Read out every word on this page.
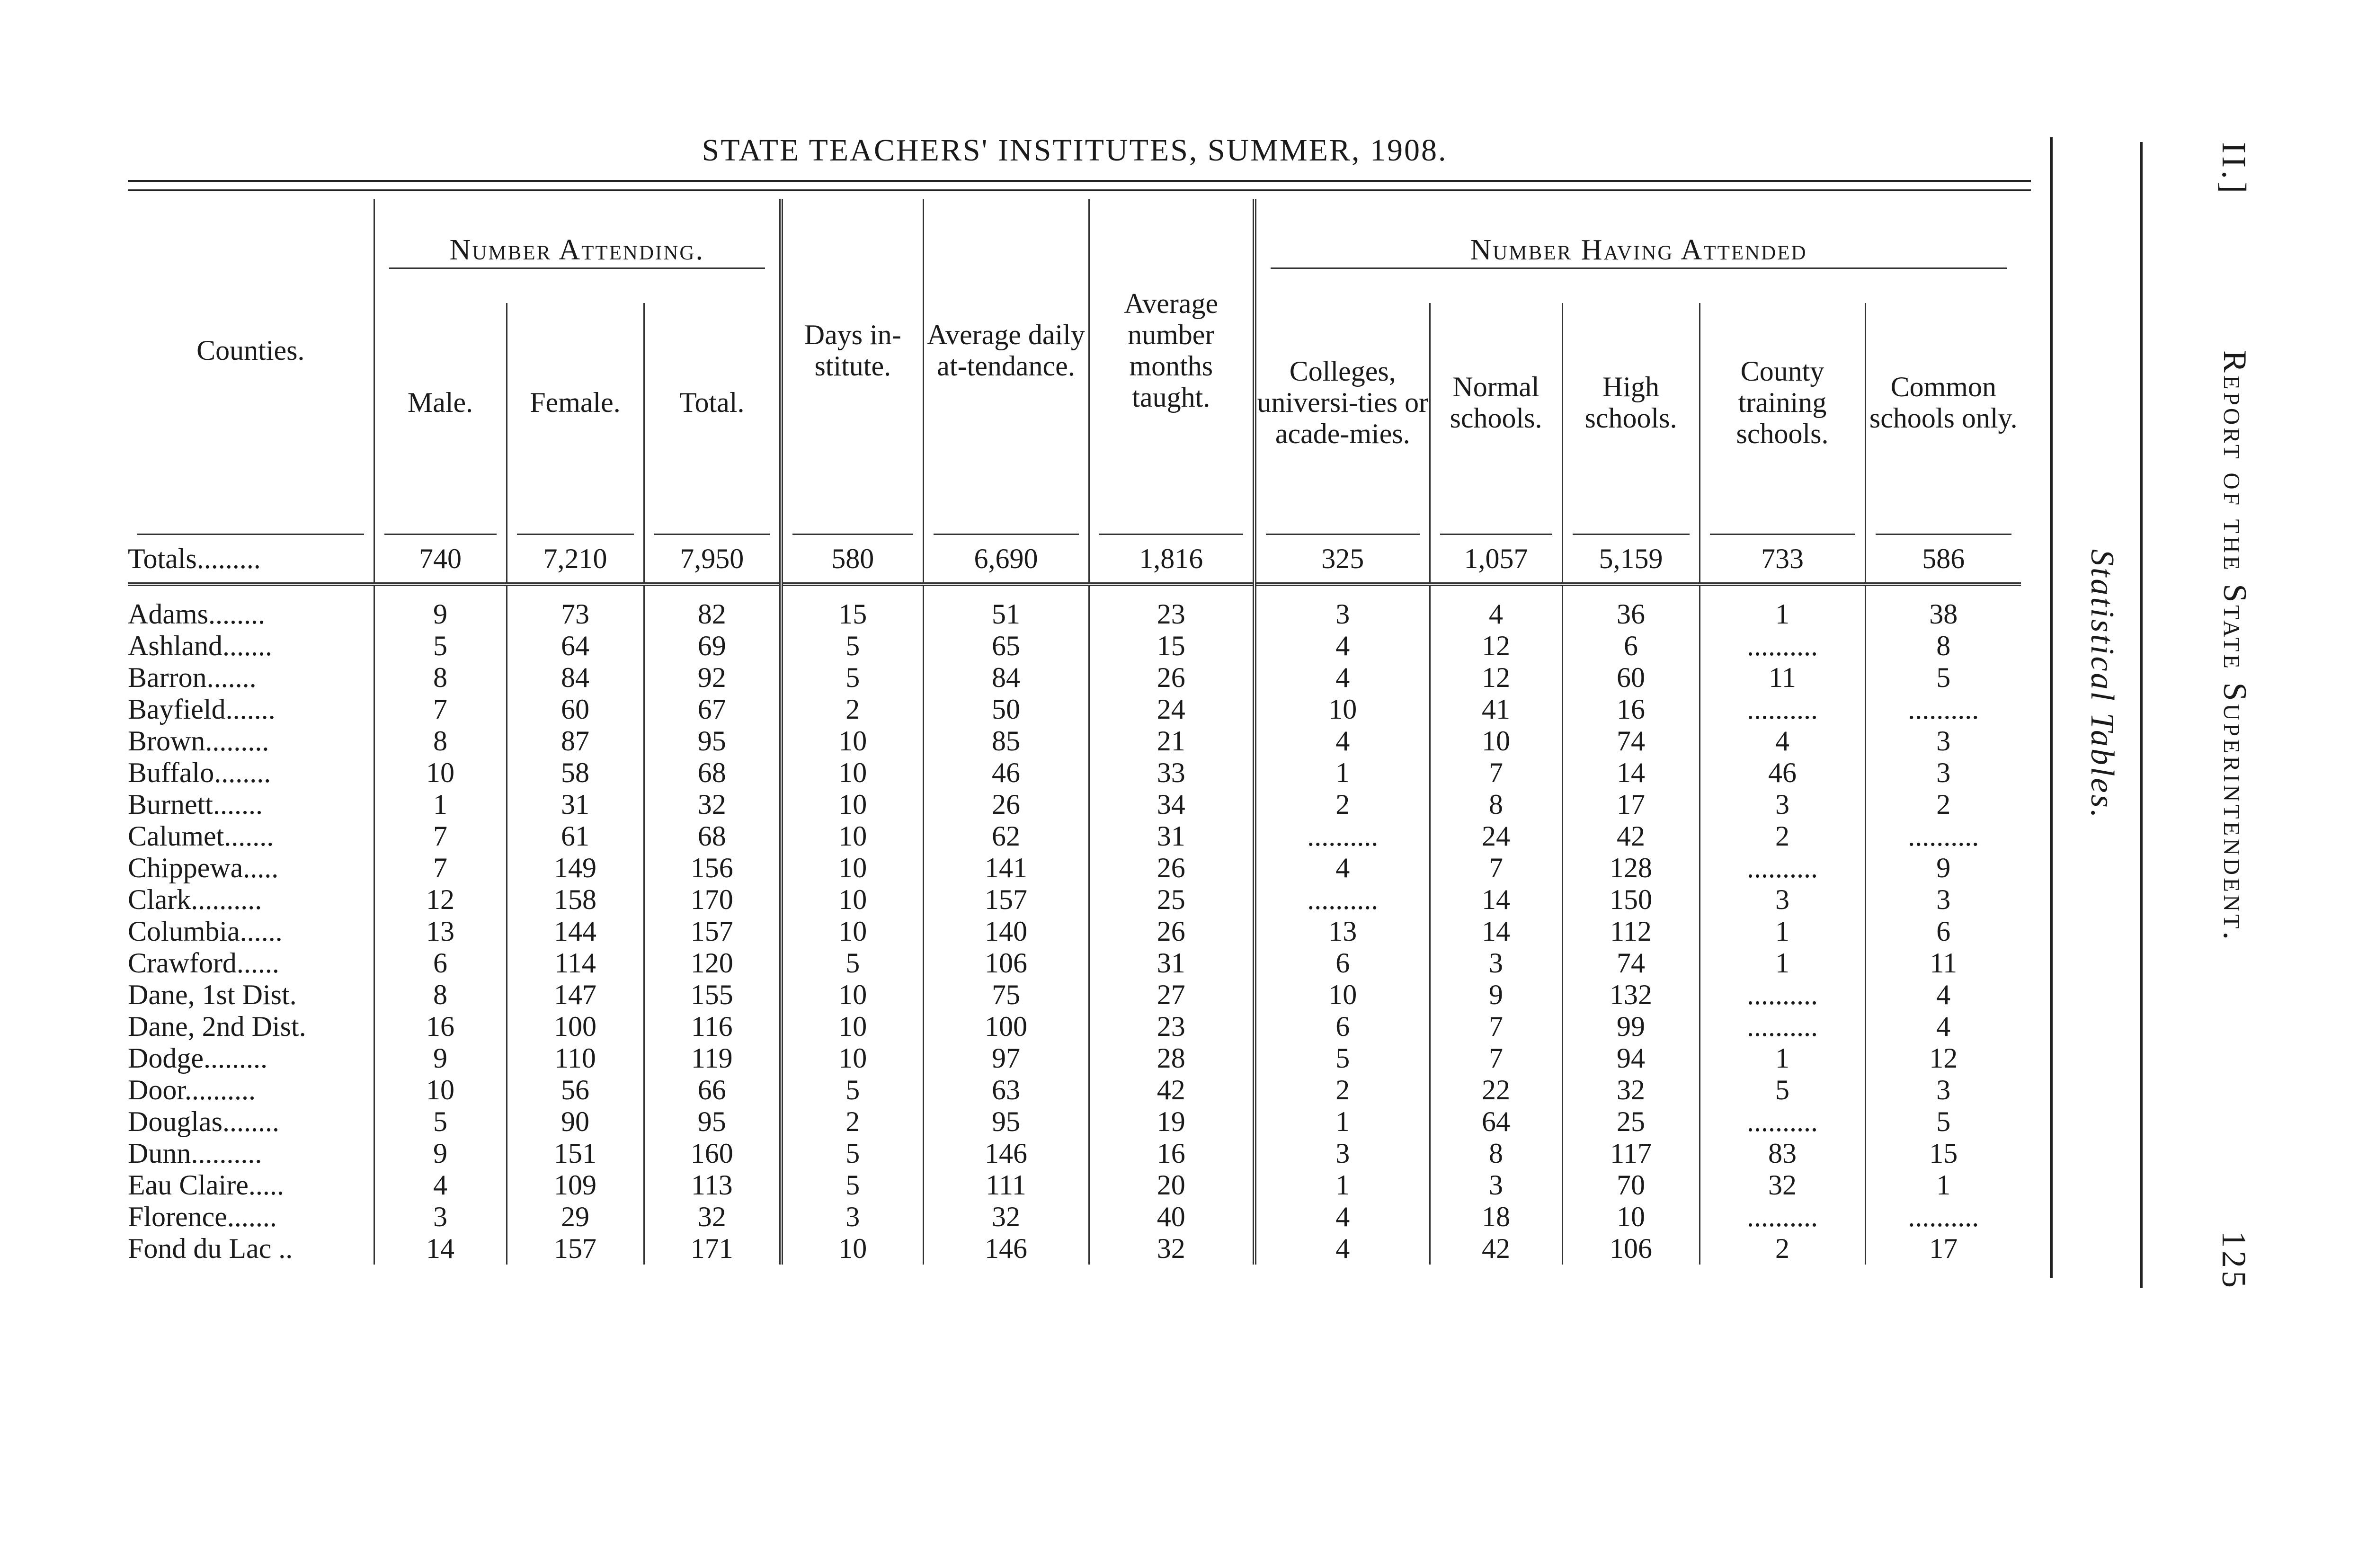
STATE TEACHERS' INSTITUTES, SUMMER, 1908.
Counties.	Number Attending.			Days in-stitute.	Average daily at-tendance.	Average number months taught.	Number Having Attended				

	Male.	Female.	Total.				Colleges, universi-ties or acade-mies.	Normal schools.	High schools.	County training schools.	Common schools only.

Totals.........	740	7,210	7,950	580	6,690	1,816	325	1,057	5,159	733	586

Adams........	9	73	82	15	51	23	3	4	36	1	38
Ashland.......	5	64	69	5	65	15	4	12	6	..........	8
Barron.......	8	84	92	5	84	26	4	12	60	11	5
Bayfield.......	7	60	67	2	50	24	10	41	16	..........	..........
Brown.........	8	87	95	10	85	21	4	10	74	4	3
Buffalo........	10	58	68	10	46	33	1	7	14	46	3
Burnett.......	1	31	32	10	26	34	2	8	17	3	2
Calumet.......	7	61	68	10	62	31	..........	24	42	2	..........
Chippewa.....	7	149	156	10	141	26	4	7	128	..........	9
Clark..........	12	158	170	10	157	25	..........	14	150	3	3
Columbia......	13	144	157	10	140	26	13	14	112	1	6
Crawford......	6	114	120	5	106	31	6	3	74	1	11
Dane, 1st Dist.	8	147	155	10	75	27	10	9	132	..........	4
Dane, 2nd Dist.	16	100	116	10	100	23	6	7	99	..........	4
Dodge.........	9	110	119	10	97	28	5	7	94	1	12
Door..........	10	56	66	5	63	42	2	22	32	5	3
Douglas........	5	90	95	2	95	19	1	64	25	..........	5
Dunn..........	9	151	160	5	146	16	3	8	117	83	15
Eau Claire.....	4	109	113	5	111	20	1	3	70	32	1
Florence.......	3	29	32	3	32	40	4	18	10	..........	..........
Fond du Lac ..	14	157	171	10	146	32	4	42	106	2	17
Statistical Tables.
II.]
Report of the State Superintendent.
125
